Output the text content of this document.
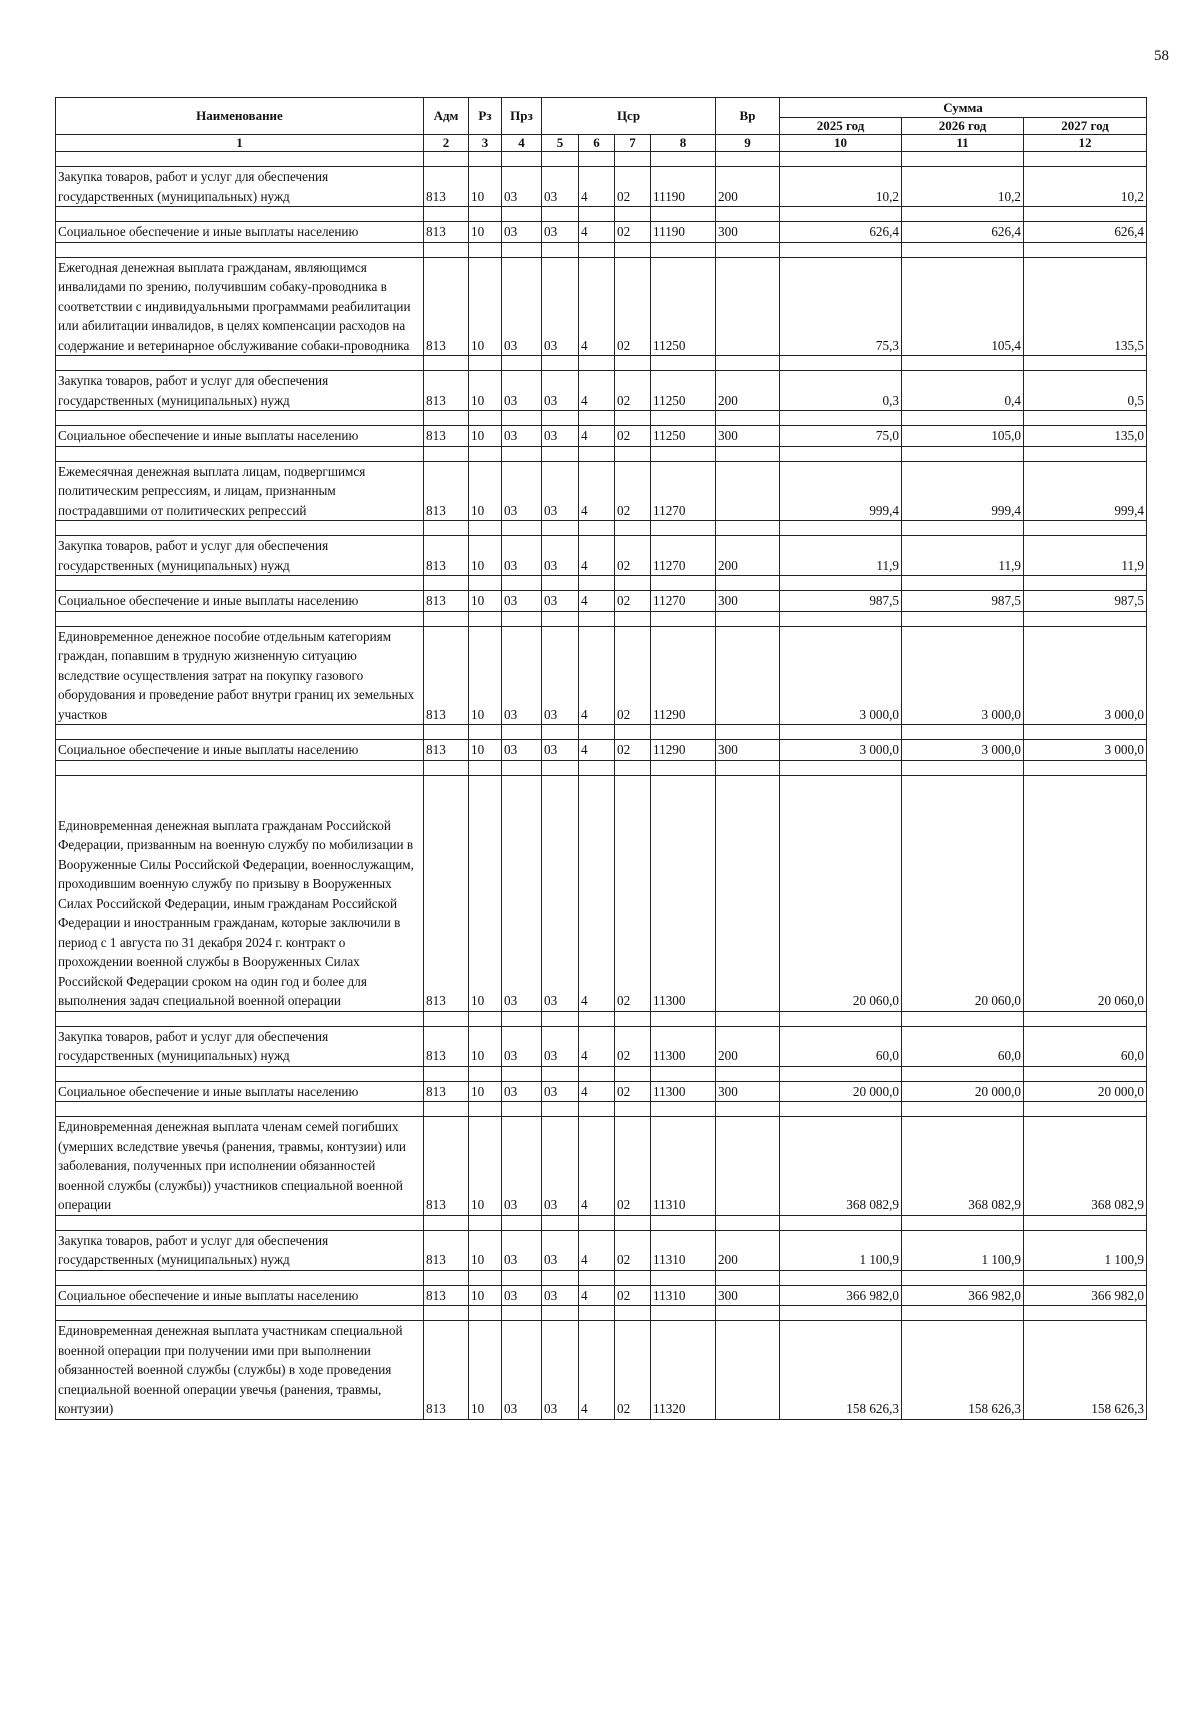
58
Наименование	Адм	Рз	Прз	Цср				Вр	Сумма		
									2025 год	2026 год	2027 год
1	2	3	4	5	6	7	8	9	10	11	12

Закупка товаров, работ и услуг для обеспечения государственных (муниципальных) нужд	813	10	03	03	4	02	11190	200	10,2	10,2	10,2

Социальное обеспечение и иные выплаты населению	813	10	03	03	4	02	11190	300	626,4	626,4	626,4

Ежегодная денежная выплата гражданам, являющимся инвалидами по зрению, получившим собаку-проводника в соответствии с индивидуальными программами реабилитации или абилитации инвалидов, в целях компенсации расходов на содержание и ветеринарное обслуживание собаки-проводника	813	10	03	03	4	02	11250		75,3	105,4	135,5

Закупка товаров, работ и услуг для обеспечения государственных (муниципальных) нужд	813	10	03	03	4	02	11250	200	0,3	0,4	0,5

Социальное обеспечение и иные выплаты населению	813	10	03	03	4	02	11250	300	75,0	105,0	135,0

Ежемесячная денежная выплата лицам, подвергшимся политическим репрессиям, и лицам, признанным пострадавшими от политических репрессий	813	10	03	03	4	02	11270		999,4	999,4	999,4

Закупка товаров, работ и услуг для обеспечения государственных (муниципальных) нужд	813	10	03	03	4	02	11270	200	11,9	11,9	11,9

Социальное обеспечение и иные выплаты населению	813	10	03	03	4	02	11270	300	987,5	987,5	987,5

Единовременное денежное пособие отдельным категориям граждан, попавшим в трудную жизненную ситуацию вследствие осуществления затрат на покупку газового оборудования и проведение работ внутри границ их земельных участков	813	10	03	03	4	02	11290		3 000,0	3 000,0	3 000,0

Социальное обеспечение и иные выплаты населению	813	10	03	03	4	02	11290	300	3 000,0	3 000,0	3 000,0

Единовременная денежная выплата гражданам Российской Федерации, призванным на военную службу по мобилизации в Вооруженные Силы Российской Федерации, военнослужащим, проходившим военную службу по призыву в Вооруженных Силах Российской Федерации, иным гражданам Российской Федерации и иностранным гражданам, которые заключили в период с 1 августа по 31 декабря 2024 г. контракт о прохождении военной службы в Вооруженных Силах Российской Федерации сроком на один год и более для выполнения задач специальной военной операции	813	10	03	03	4	02	11300		20 060,0	20 060,0	20 060,0

Закупка товаров, работ и услуг для обеспечения государственных (муниципальных) нужд	813	10	03	03	4	02	11300	200	60,0	60,0	60,0

Социальное обеспечение и иные выплаты населению	813	10	03	03	4	02	11300	300	20 000,0	20 000,0	20 000,0

Единовременная денежная выплата членам семей погибших (умерших вследствие увечья (ранения, травмы, контузии) или заболевания, полученных при исполнении обязанностей военной службы (службы)) участников специальной военной операции	813	10	03	03	4	02	11310		368 082,9	368 082,9	368 082,9

Закупка товаров, работ и услуг для обеспечения государственных (муниципальных) нужд	813	10	03	03	4	02	11310	200	1 100,9	1 100,9	1 100,9

Социальное обеспечение и иные выплаты населению	813	10	03	03	4	02	11310	300	366 982,0	366 982,0	366 982,0

Единовременная денежная выплата участникам специальной военной операции при получении ими при выполнении обязанностей военной службы (службы) в ходе проведения специальной военной операции увечья (ранения, травмы, контузии)	813	10	03	03	4	02	11320		158 626,3	158 626,3	158 626,3
